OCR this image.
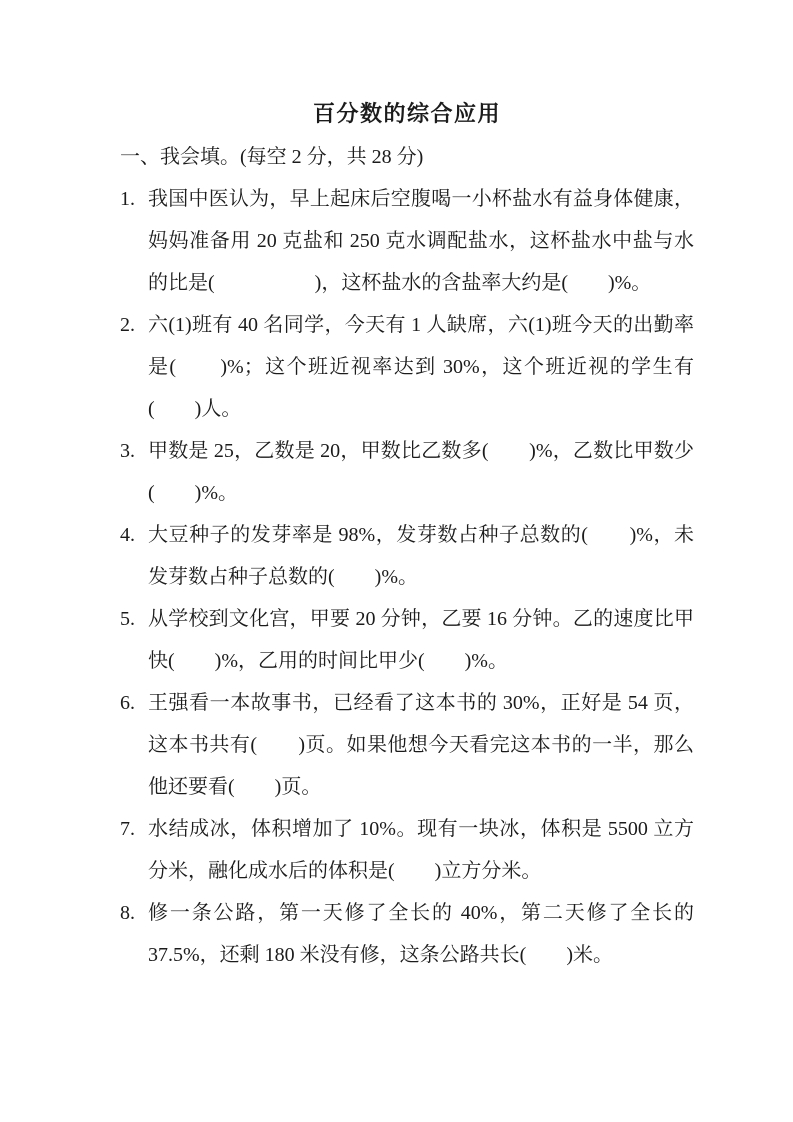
百分数的综合应用
一、我会填。(每空 2 分，共 28 分)
1. 我国中医认为，早上起床后空腹喝一小杯盐水有益身体健康，妈妈准备用 20 克盐和 250 克水调配盐水，这杯盐水中盐与水的比是(　　　　　)，这杯盐水的含盐率大约是(　　)%。
2. 六(1)班有 40 名同学，今天有 1 人缺席，六(1)班今天的出勤率是(　　)%；这个班近视率达到 30%，这个班近视的学生有(　　)人。
3. 甲数是 25，乙数是 20，甲数比乙数多(　　)%，乙数比甲数少(　　)%。
4. 大豆种子的发芽率是 98%，发芽数占种子总数的(　　)%，未发芽数占种子总数的(　　)%。
5. 从学校到文化宫，甲要 20 分钟，乙要 16 分钟。乙的速度比甲快(　　)%，乙用的时间比甲少(　　)%。
6. 王强看一本故事书，已经看了这本书的 30%，正好是 54 页，这本书共有(　　)页。如果他想今天看完这本书的一半，那么他还要看(　　)页。
7. 水结成冰，体积增加了 10%。现有一块冰，体积是 5500 立方分米，融化成水后的体积是(　　)立方分米。
8. 修一条公路，第一天修了全长的 40%，第二天修了全长的 37.5%，还剩 180 米没有修，这条公路共长(　　)米。
